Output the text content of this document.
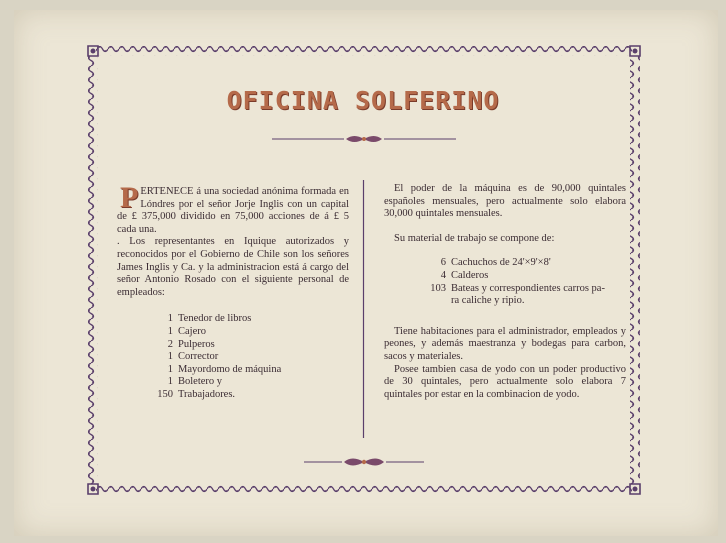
OFICINA SOLFERINO

PERTENECE á una sociedad anónima formada en Lóndres por el señor Jorje Inglis con un capital de £ 375,000 dividido en 75,000 acciones de á £ 5 cada una.

. Los representantes en Iquique autorizados y reconocidos por el Gobierno de Chile son los señores James Inglis y Ca. y la administracion está á cargo del señor Antonio Rosado con el siguiente personal de empleados:

1 Tenedor de libros
1 Cajero
2 Pulperos
1 Corrector
1 Mayordomo de máquina
1 Boletero y
150 Trabajadores.

El poder de la máquina es de 90,000 quintales españoles mensuales, pero actualmente solo elabora 30,000 quintales mensuales.

Su material de trabajo se compone de:

6 Cachuchos de 24'×9'×8'
4 Calderos
103 Bateas y correspondientes carros pa-
ra caliche y ripio.

Tiene habitaciones para el administrador, empleados y peones, y además maestranza y bodegas para carbon, sacos y materiales.

Posee tambien casa de yodo con un poder productivo de 30 quintales, pero actualmente solo elabora 7 quintales por estar en la combinacion de yodo.
